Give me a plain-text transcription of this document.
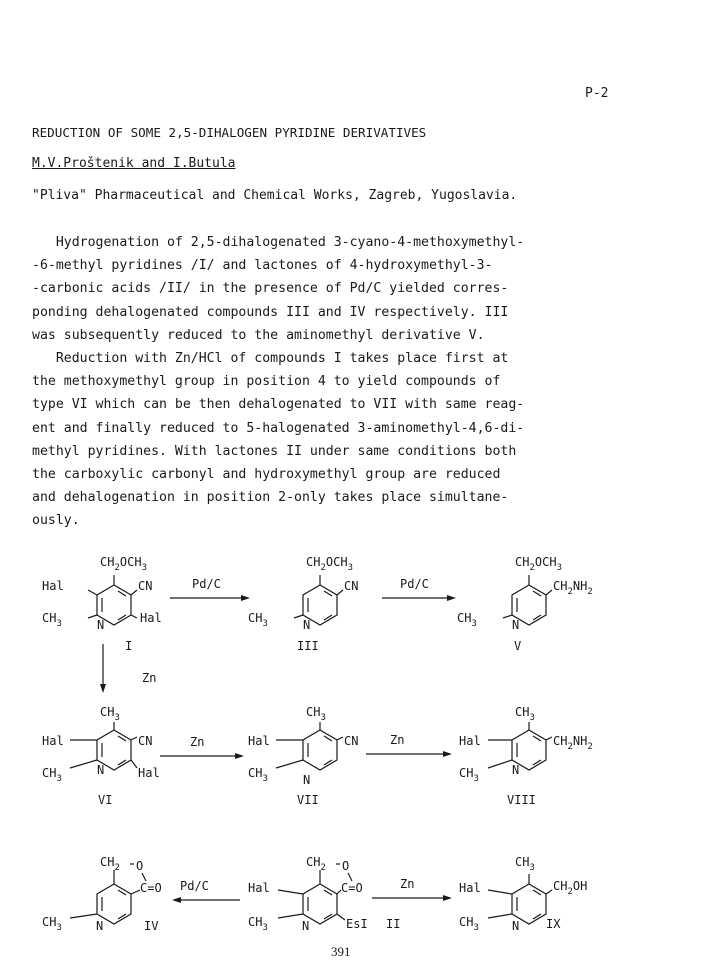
P-2
REDUCTION OF SOME 2,5-DIHALOGEN PYRIDINE DERIVATIVES
M.V.Proštenik and I.Butula
"Pliva" Pharmaceutical and Chemical Works, Zagreb, Yugoslavia.
Hydrogenation of 2,5-dihalogenated 3-cyano-4-methoxymethyl-
-6-methyl pyridines /I/ and lactones of 4-hydroxymethyl-3-
-carbonic acids /II/ in the presence of Pd/C yielded corres-
ponding dehalogenated compounds III and IV respectively. III
was subsequently reduced to the aminomethyl derivative V.
Reduction with Zn/HCl of compounds I takes place first at
the methoxymethyl group in position 4 to yield compounds of
type VI which can be then dehalogenated to VII with same reag-
ent and finally reduced to 5-halogenated 3-aminomethyl-4,6-di-
methyl pyridines. With lactones II under same conditions both
the carboxylic carbonyl and hydroxymethyl group are reduced
and dehalogenation in position 2-only takes place simultane-
ously.
$CH_2OCH_3$
CN
Hal
Hal
$CH_3$	N
I
Pd/C
$CH_2OCH_3$
CN
$CH_3$	N
III
Pd/C
$CH_2OCH_3$
$CH_2NH_2$
$CH_3$	N
V
Zn
$CH_3$
CN
Hal
Hal
$CH_3$
N
VI
Zn
$CH_3$
CN
Hal
$CH_3$	N
VII
Zn
$CH_3$
$CH_2NH_2$
Hal
$CH_3$
N
VIII
$CH_2$ O
C=O
$CH_3$	N	IV
Pd/C
$CH_2$ O
C=O
Hal
$CH_3$	N	EsI II
Zn
$CH_3$
$CH_2OH$
Hal
$CH_3$	N IX
391
